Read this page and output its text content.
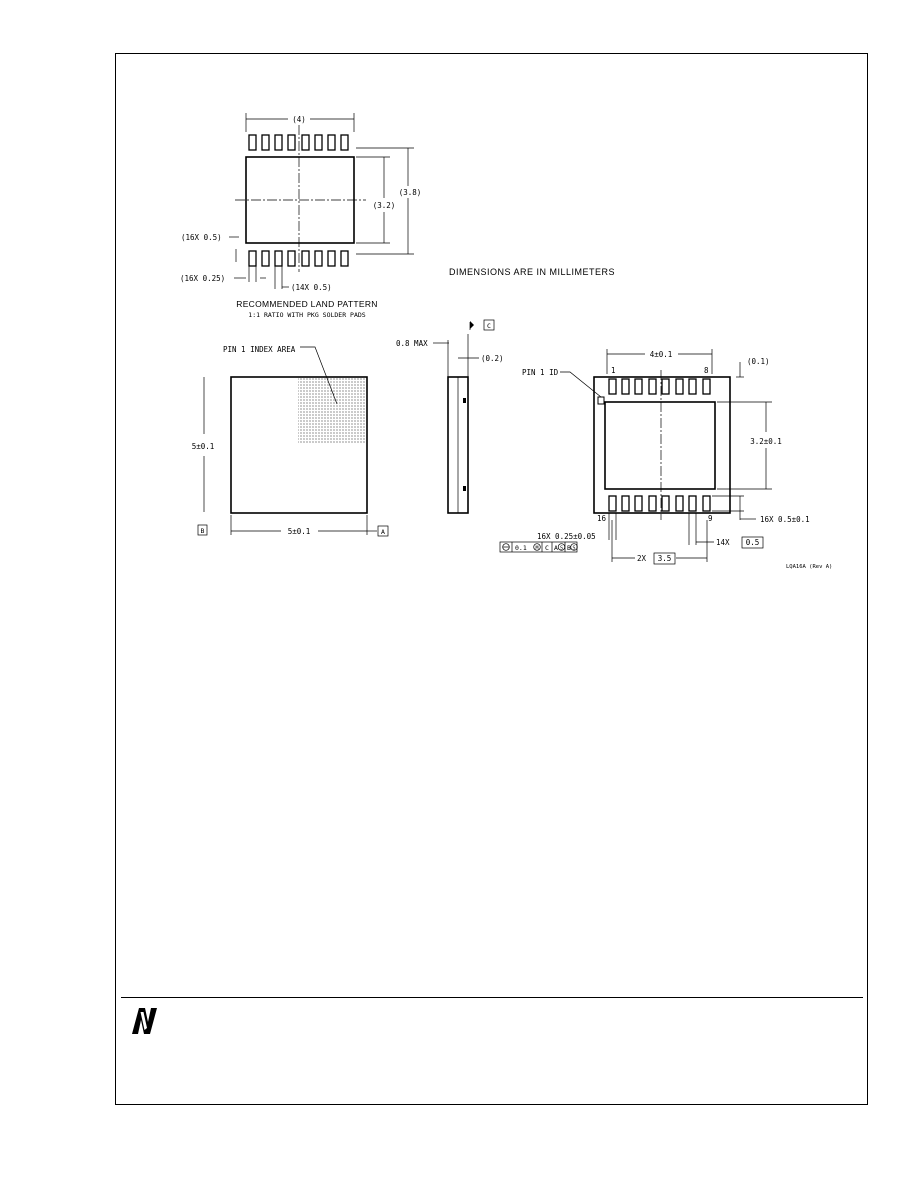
(4)
(3.2)
(3.8)
(16X 0.5)
(16X 0.25)
(14X 0.5)
RECOMMENDED LAND PATTERN
1:1 RATIO WITH PKG SOLDER PADS
DIMENSIONS ARE IN MILLIMETERS
PIN 1 INDEX AREA
5±0.1
B	5±0.1	A
C
0.8 MAX
(0.2)	4±0.1
(0.1)
PIN 1 ID	1	8
3.2±0.1
16X 0.5±0.1
16	9
16X 0.25±0.05
0.1 M C A S B S
14X 0.5
2X 3.5
LQA16A (Rev A)
